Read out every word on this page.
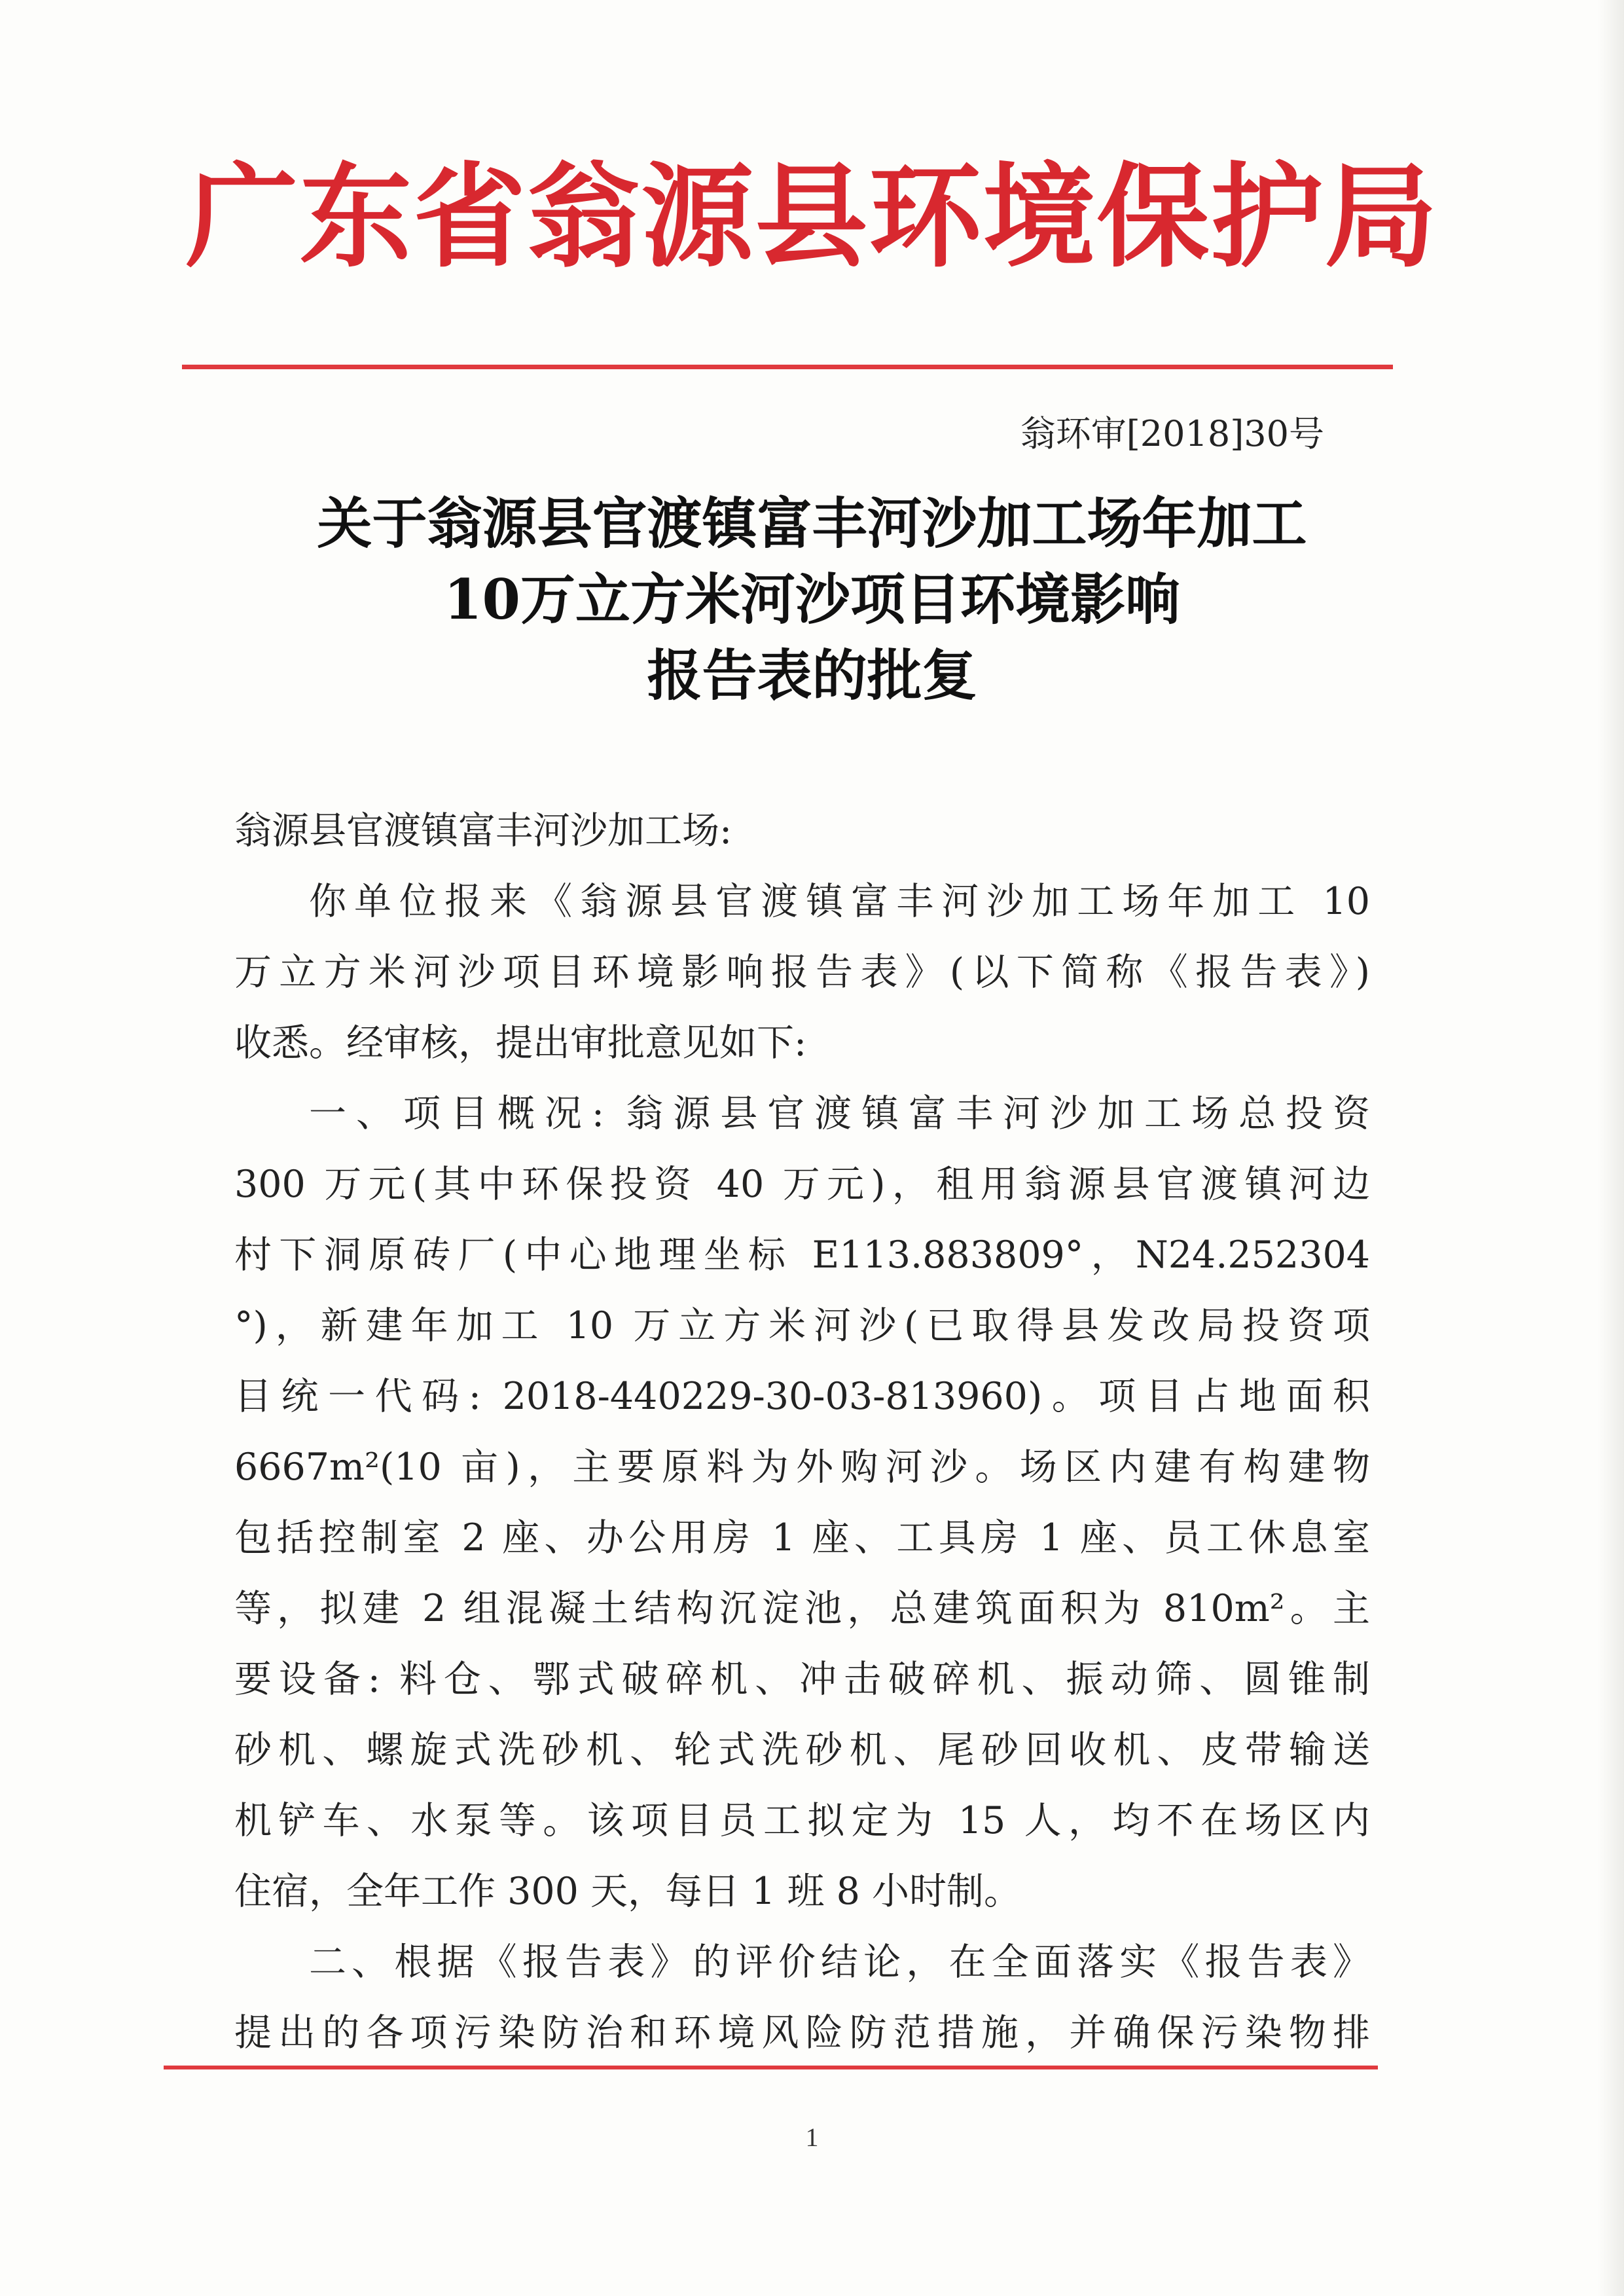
广东省翁源县环境保护局
翁环审[2018]30号
关于翁源县官渡镇富丰河沙加工场年加工
10万立方米河沙项目环境影响
报告表的批复
翁源县官渡镇富丰河沙加工场:
你单位报来《翁源县官渡镇富丰河沙加工场年加工 10
万立方米河沙项目环境影响报告表》(以下简称《报告表》)
收悉。经审核，提出审批意见如下:
一、项目概况: 翁源县官渡镇富丰河沙加工场总投资
300 万元(其中环保投资 40 万元)，租用翁源县官渡镇河边
村下洞原砖厂(中心地理坐标 E113.883809°，N24.252304
°)，新建年加工 10 万立方米河沙(已取得县发改局投资项
目统一代码: 2018-440229-30-03-813960)。项目占地面积
6667m²(10 亩)，主要原料为外购河沙。场区内建有构建物
包括控制室 2 座、办公用房 1 座、工具房 1 座、员工休息室
等，拟建 2 组混凝土结构沉淀池，总建筑面积为 810m²。主
要设备: 料仓、鄂式破碎机、冲击破碎机、振动筛、圆锥制
砂机、螺旋式洗砂机、轮式洗砂机、尾砂回收机、皮带输送
机铲车、水泵等。该项目员工拟定为 15 人，均不在场区内
住宿，全年工作 300 天，每日 1 班 8 小时制。
二、根据《报告表》的评价结论，在全面落实《报告表》
提出的各项污染防治和环境风险防范措施，并确保污染物排
1
